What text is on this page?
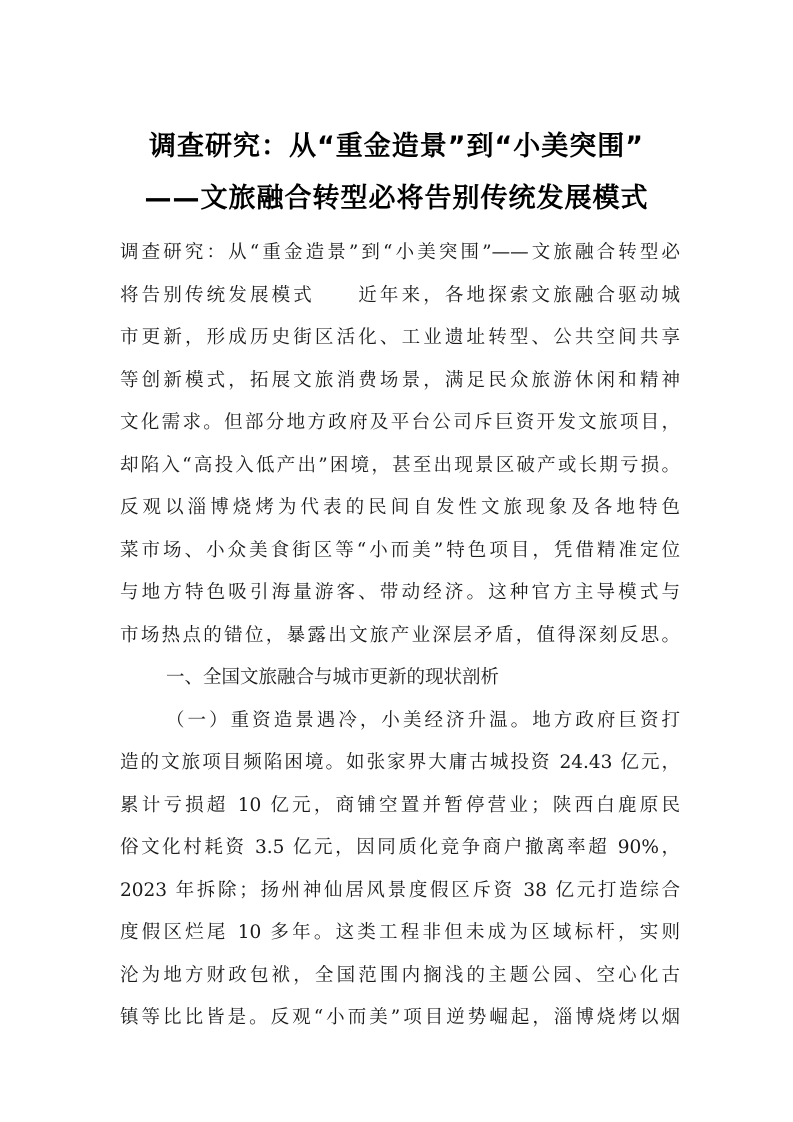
调查研究：从“重金造景”到“小美突围”
——文旅融合转型必将告别传统发展模式
调查研究：从“重金造景”到“小美突围”——文旅融合转型必
将告别传统发展模式　　近年来，各地探索文旅融合驱动城
市更新，形成历史街区活化、工业遗址转型、公共空间共享
等创新模式，拓展文旅消费场景，满足民众旅游休闲和精神
文化需求。但部分地方政府及平台公司斥巨资开发文旅项目，
却陷入“高投入低产出”困境，甚至出现景区破产或长期亏损。
反观以淄博烧烤为代表的民间自发性文旅现象及各地特色
菜市场、小众美食街区等“小而美”特色项目，凭借精准定位
与地方特色吸引海量游客、带动经济。这种官方主导模式与
市场热点的错位，暴露出文旅产业深层矛盾，值得深刻反思。
一、全国文旅融合与城市更新的现状剖析
（一）重资造景遇冷，小美经济升温。地方政府巨资打
造的文旅项目频陷困境。如张家界大庸古城投资 24.43 亿元，
累计亏损超 10 亿元，商铺空置并暂停营业；陕西白鹿原民
俗文化村耗资 3.5 亿元，因同质化竞争商户撤离率超 90%，
2023 年拆除；扬州神仙居风景度假区斥资 38 亿元打造综合
度假区烂尾 10 多年。这类工程非但未成为区域标杆，实则
沦为地方财政包袱，全国范围内搁浅的主题公园、空心化古
镇等比比皆是。反观“小而美”项目逆势崛起，淄博烧烤以烟
